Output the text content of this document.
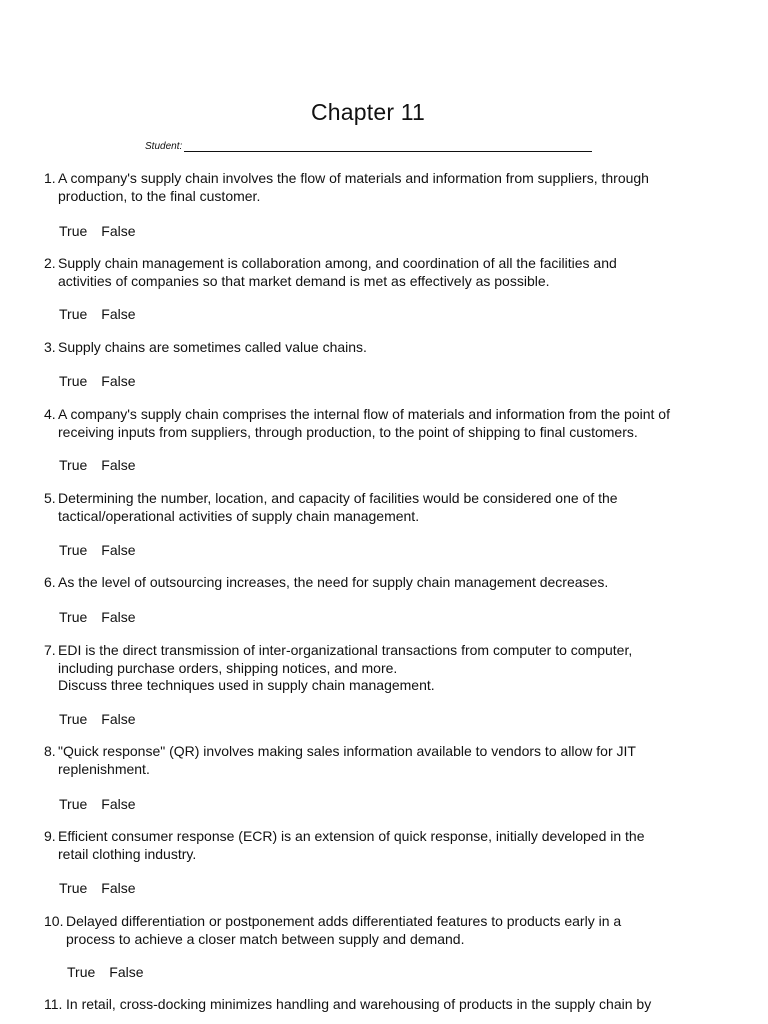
Chapter 11
Student:
1. A company's supply chain involves the flow of materials and information from suppliers, through
production, to the final customer.
True False
2. Supply chain management is collaboration among, and coordination of all the facilities and
activities of companies so that market demand is met as effectively as possible.
True False
3. Supply chains are sometimes called value chains.
True False
4. A company's supply chain comprises the internal flow of materials and information from the point of
receiving inputs from suppliers, through production, to the point of shipping to final customers.
True False
5. Determining the number, location, and capacity of facilities would be considered one of the
tactical/operational activities of supply chain management.
True False
6. As the level of outsourcing increases, the need for supply chain management decreases.
True False
7. EDI is the direct transmission of inter-organizational transactions from computer to computer,
including purchase orders, shipping notices, and more.
Discuss three techniques used in supply chain management.
True False
8. "Quick response" (QR) involves making sales information available to vendors to allow for JIT
replenishment.
True False
9. Efficient consumer response (ECR) is an extension of quick response, initially developed in the
retail clothing industry.
True False
10. Delayed differentiation or postponement adds differentiated features to products early in a
process to achieve a closer match between supply and demand.
True False
11. In retail, cross-docking minimizes handling and warehousing of products in the supply chain by
